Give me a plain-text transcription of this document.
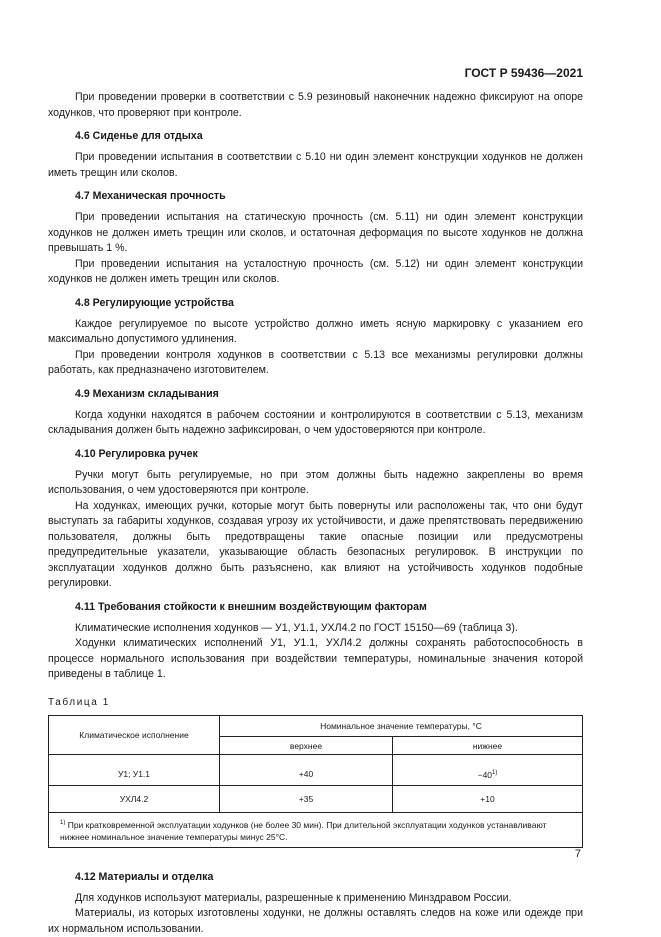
ГОСТ Р 59436—2021

При проведении проверки в соответствии с 5.9 резиновый наконечник надежно фиксируют на опоре ходунков, что проверяют при контроле.

4.6 Сиденье для отдыха

При проведении испытания в соответствии с 5.10 ни один элемент конструкции ходунков не должен иметь трещин или сколов.

4.7 Механическая прочность

При проведении испытания на статическую прочность (см. 5.11) ни один элемент конструкции ходунков не должен иметь трещин или сколов, и остаточная деформация по высоте ходунков не должна превышать 1 %.

При проведении испытания на усталостную прочность (см. 5.12) ни один элемент конструкции ходунков не должен иметь трещин или сколов.

4.8 Регулирующие устройства

Каждое регулируемое по высоте устройство должно иметь ясную маркировку с указанием его максимально допустимого удлинения.

При проведении контроля ходунков в соответствии с 5.13 все механизмы регулировки должны работать, как предназначено изготовителем.

4.9 Механизм складывания

Когда ходунки находятся в рабочем состоянии и контролируются в соответствии с 5.13, механизм складывания должен быть надежно зафиксирован, о чем удостоверяются при контроле.

4.10 Регулировка ручек

Ручки могут быть регулируемые, но при этом должны быть надежно закреплены во время использования, о чем удостоверяются при контроле.

На ходунках, имеющих ручки, которые могут быть повернуты или расположены так, что они будут выступать за габариты ходунков, создавая угрозу их устойчивости, и даже препятствовать передвижению пользователя, должны быть предотвращены такие опасные позиции или предусмотрены предупредительные указатели, указывающие область безопасных регулировок. В инструкции по эксплуатации ходунков должно быть разъяснено, как влияют на устойчивость ходунков подобные регулировки.

4.11 Требования стойкости к внешним воздействующим факторам

Климатические исполнения ходунков — У1, У1.1, УХЛ4.2 по ГОСТ 15150—69 (таблица 3).

Ходунки климатических исполнений У1, У1.1, УХЛ4.2 должны сохранять работоспособность в процессе нормального использования при воздействии температуры, номинальные значения которой приведены в таблице 1.

Таблица 1
Климатическое исполнение	Номинальное значение температуры, °С	
	верхнее	нижнее

У1; У1.1	+40	$-40^{1)}$
УХЛ4.2	+35	+10
$^{1)}$ При кратковременной эксплуатации ходунков (не более 30 мин). При длительной эксплуатации ходунков устанавливают нижнее номинальное значение температуры минус 25°С.		
4.12 Материалы и отделка

Для ходунков используют материалы, разрешенные к применению Минздравом России.

Материалы, из которых изготовлены ходунки, не должны оставлять следов на коже или одежде при их нормальном использовании.

7
